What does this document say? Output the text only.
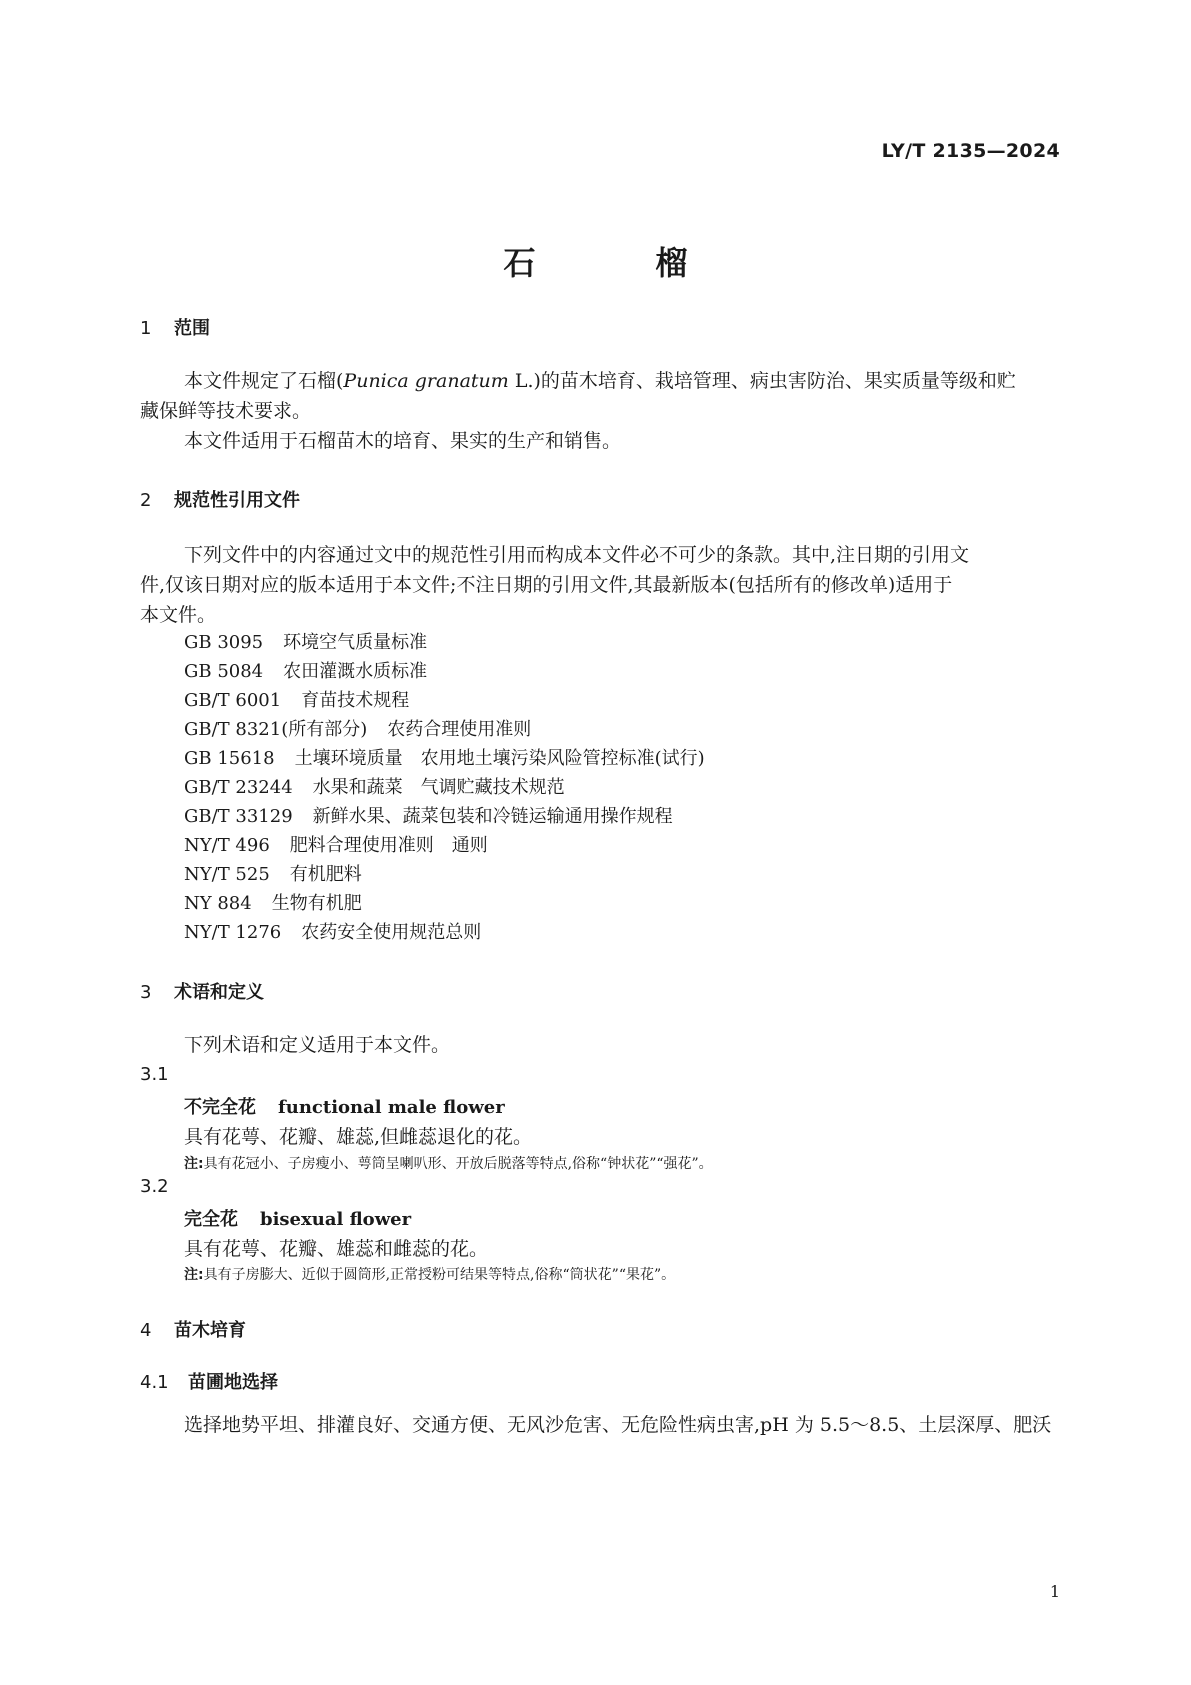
LY/T 2135—2024
石	榴
1 范围
本文件规定了石榴(Punica granatum L.)的苗木培育、栽培管理、病虫害防治、果实质量等级和贮
藏保鲜等技术要求。
本文件适用于石榴苗木的培育、果实的生产和销售。
2 规范性引用文件
下列文件中的内容通过文中的规范性引用而构成本文件必不可少的条款。其中,注日期的引用文
件,仅该日期对应的版本适用于本文件;不注日期的引用文件,其最新版本(包括所有的修改单)适用于
本文件。
GB 3095 环境空气质量标准
GB 5084 农田灌溉水质标准
GB/T 6001 育苗技术规程
GB/T 8321(所有部分) 农药合理使用准则
GB 15618 土壤环境质量　农用地土壤污染风险管控标准(试行)
GB/T 23244 水果和蔬菜　气调贮藏技术规范
GB/T 33129 新鲜水果、蔬菜包装和冷链运输通用操作规程
NY/T 496 肥料合理使用准则　通则
NY/T 525 有机肥料
NY 884 生物有机肥
NY/T 1276 农药安全使用规范总则
3 术语和定义
下列术语和定义适用于本文件。
3.1
不完全花 functional male flower
具有花萼、花瓣、雄蕊,但雌蕊退化的花。
注:具有花冠小、子房瘦小、萼筒呈喇叭形、开放后脱落等特点,俗称“钟状花”“强花”。
3.2
完全花 bisexual flower
具有花萼、花瓣、雄蕊和雌蕊的花。
注:具有子房膨大、近似于圆筒形,正常授粉可结果等特点,俗称“筒状花”“果花”。
4 苗木培育
4.1 苗圃地选择
选择地势平坦、排灌良好、交通方便、无风沙危害、无危险性病虫害,pH 为 5.5～8.5、土层深厚、肥沃
1
